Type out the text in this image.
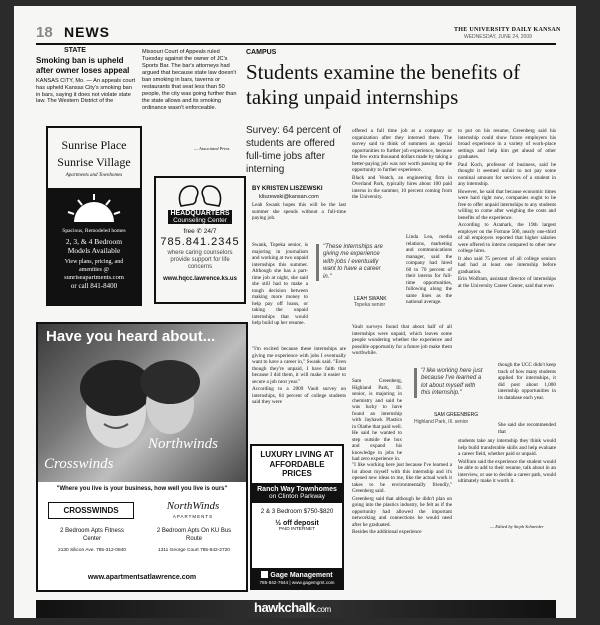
18 NEWS	THE UNIVERSITY DAILY KANSAN
WEDNESDAY, JUNE 24, 2009
STATE
Smoking ban is upheld after owner loses appeal
KANSAS CITY, Mo. — An appeals court has upheld Kansas City's smoking ban in bars, saying it does not violate state law. The Western District of the
Missouri Court of Appeals ruled Tuesday against the owner of JC's Sports Bar. The bar's attorneys had argued that because state law doesn't ban smoking in bars, taverns or restaurants that seat less than 50 people, the city was going further than the state allows and its smoking ordinance wasn't enforceable.
— Associated Press
Sunrise Place
Sunrise Village
Apartments and Townhomes
Spacious, Remodeled homes
2, 3, & 4 Bedroom
Models Available
View plans, pricing, and amenities @
sunriseapartments.com
or call 841-8400
HEADQUARTERS
Counseling Center
free ✆ 24/7
785.841.2345
where caring counselors provide support for life concerns
www.hqcc.lawrence.ks.us
CAMPUS
Students examine the benefits of taking unpaid internships
Survey: 64 percent of students are offered full-time jobs after interning
BY KRISTEN LISZEWSKI
kliszewski@kansan.com

Leah Swank hopes this will be the last summer she spends without a full-time paying job.

Swank, Topeka senior, is majoring in journalism and working at two unpaid internships this summer. Although she has a part-time job at night, she said she still had to make a tough decision between making more money to help pay off loans, or taking the unpaid internships that would help build up her resume.

"I'm excited because these internships are giving me experience with jobs I eventually want to have a career in," Swank said. "Even though they're unpaid, I have faith that because I did them, it will make it easier to secure a job next year."

According to a 2009 Vault survey on internships, 64 percent of college students said they were

"These internships are giving me experience with jobs I eventually want to have a career in."
LEAH SWANK
Topeka senior

offered a full time job at a company or organization after they interned there. The survey said to think of summers as special opportunities to further job experience, because the few extra thousand dollars made by taking a better-paying job was not worth passing up the opportunity to further experience.

Black and Veatch, an engineering firm in Overland Park, typically hires about 100 paid interns in the summer, 10 percent coming from the University.

Linda Lea, media relations, marketing and communications manager, said the company had hired 60 to 70 percent of their interns for full-time opportunities, following along the same lines as the national average.

Vault surveys found that about half of all internships were unpaid, which leaves some people wondering whether the experience and possible opportunity for a future job make them worthwhile.

Sam Greenberg, Highland Park, Ill. senior, is majoring in chemistry and said he was lucky to have found an internship with Jayhawk Plastics in Olathe that paid well. He said he wanted to step outside the box and expand his knowledge in jobs he had zero experience in.

"I like working here just because I've learned a lot about myself with this internship and it's opened new ideas to me, like the actual work it takes to be environmentally friendly," Greenberg said.

Greenberg said that although he didn't plan on going into the plastics industry, he felt as if the opportunity had allowed the important networking and connections he would need after he graduated.

Besides the additional experience

"I like working here just because I've learned a lot about myself with this internship."
SAM GREENBERG
Highland Park, Ill. senior

to put on his resume, Greenberg said his internship could show future employers his broad experience in a variety of work-place settings and help him get ahead of other graduates.

Paul Koch, professor of business, said he thought it seemed unfair to not pay some nominal amount for services of a student in any internship.

However, he said that because economic times were hard right now, companies ought to be free to offer unpaid internships to any students willing to come after weighing the costs and benefits of the experience.

According to Aramark, the 19th largest employer on the Fortune 500, nearly one-third of all employers reported that higher salaries were offered to interns compared to other new college hires.

It also said 75 percent of all college seniors had had at least one internship before graduation.

Erin Wolfram, assistant director of internships at the University Career Center, said that even

though the UCC didn't keep track of how many students applied for internships, it did post about 1,000 internship opportunities in its database each year.

She said she recommended that

students take any internship they think would help build transferable skills and help evaluate a career field, whether paid or unpaid.

Wolfram said the experience the student would be able to add to their resume, talk about in an interview, or use to decide a career path, would ultimately make it worth it.

— Edited by Steph Schneider
Have you heard about...
Northwinds
Crosswinds
"Where you live is your business, how well you live is ours"
CROSSWINDS	NorthWinds
APARTMENTS
2 Bedroom Apts Fitness Center
2130 Silicon Ave. 785-312-0840
2 Bedroom Apts On KU Bus Route
1311 George Court 785-842-2720
www.apartmentsatlawrence.com
LUXURY LIVING AT AFFORDABLE PRICES
Ranch Way Townhomes
on Clinton Parkway
2 & 3 Bedroom $750-$820
½ off deposit
PAID INTERNET
Gage Management
785-842-7644 | www.gagemgmt.com
hawkchalk.com
